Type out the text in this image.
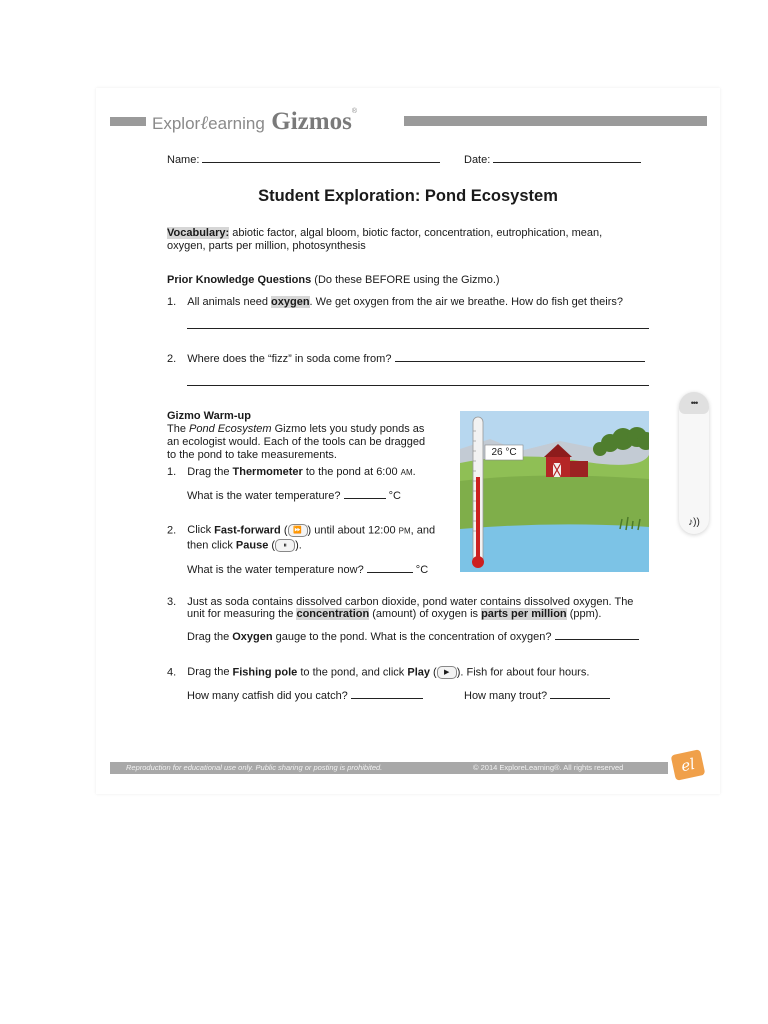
Explorℓearning Gizmos®
Name:	Date:
Student Exploration: Pond Ecosystem
Vocabulary: abiotic factor, algal bloom, biotic factor, concentration, eutrophication, mean,
oxygen, parts per million, photosynthesis
Prior Knowledge Questions (Do these BEFORE using the Gizmo.)
1. All animals need oxygen. We get oxygen from the air we breathe. How do fish get theirs?
2. Where does the “fizz” in soda come from?
Gizmo Warm-up
The Pond Ecosystem Gizmo lets you study ponds as
an ecologist would. Each of the tools can be dragged
to the pond to take measurements.
1. Drag the Thermometer to the pond at 6:00 AM.
What is the water temperature?	°C
2. Click Fast-forward ( ⏩ ) until about 12:00 PM, and
then click Pause ( ⏸ ).
What is the water temperature now?	°C
26 °C
3. Just as soda contains dissolved carbon dioxide, pond water contains dissolved oxygen. The
unit for measuring the concentration (amount) of oxygen is parts per million (ppm).
Drag the Oxygen gauge to the pond. What is the concentration of oxygen?
4. Drag the Fishing pole to the pond, and click Play ( ▶ ). Fish for about four hours.
How many catfish did you catch?	How many trout?
Reproduction for educational use only. Public sharing or posting is prohibited.	© 2014 ExploreLearning®. All rights reserved	el
•••
♪))
